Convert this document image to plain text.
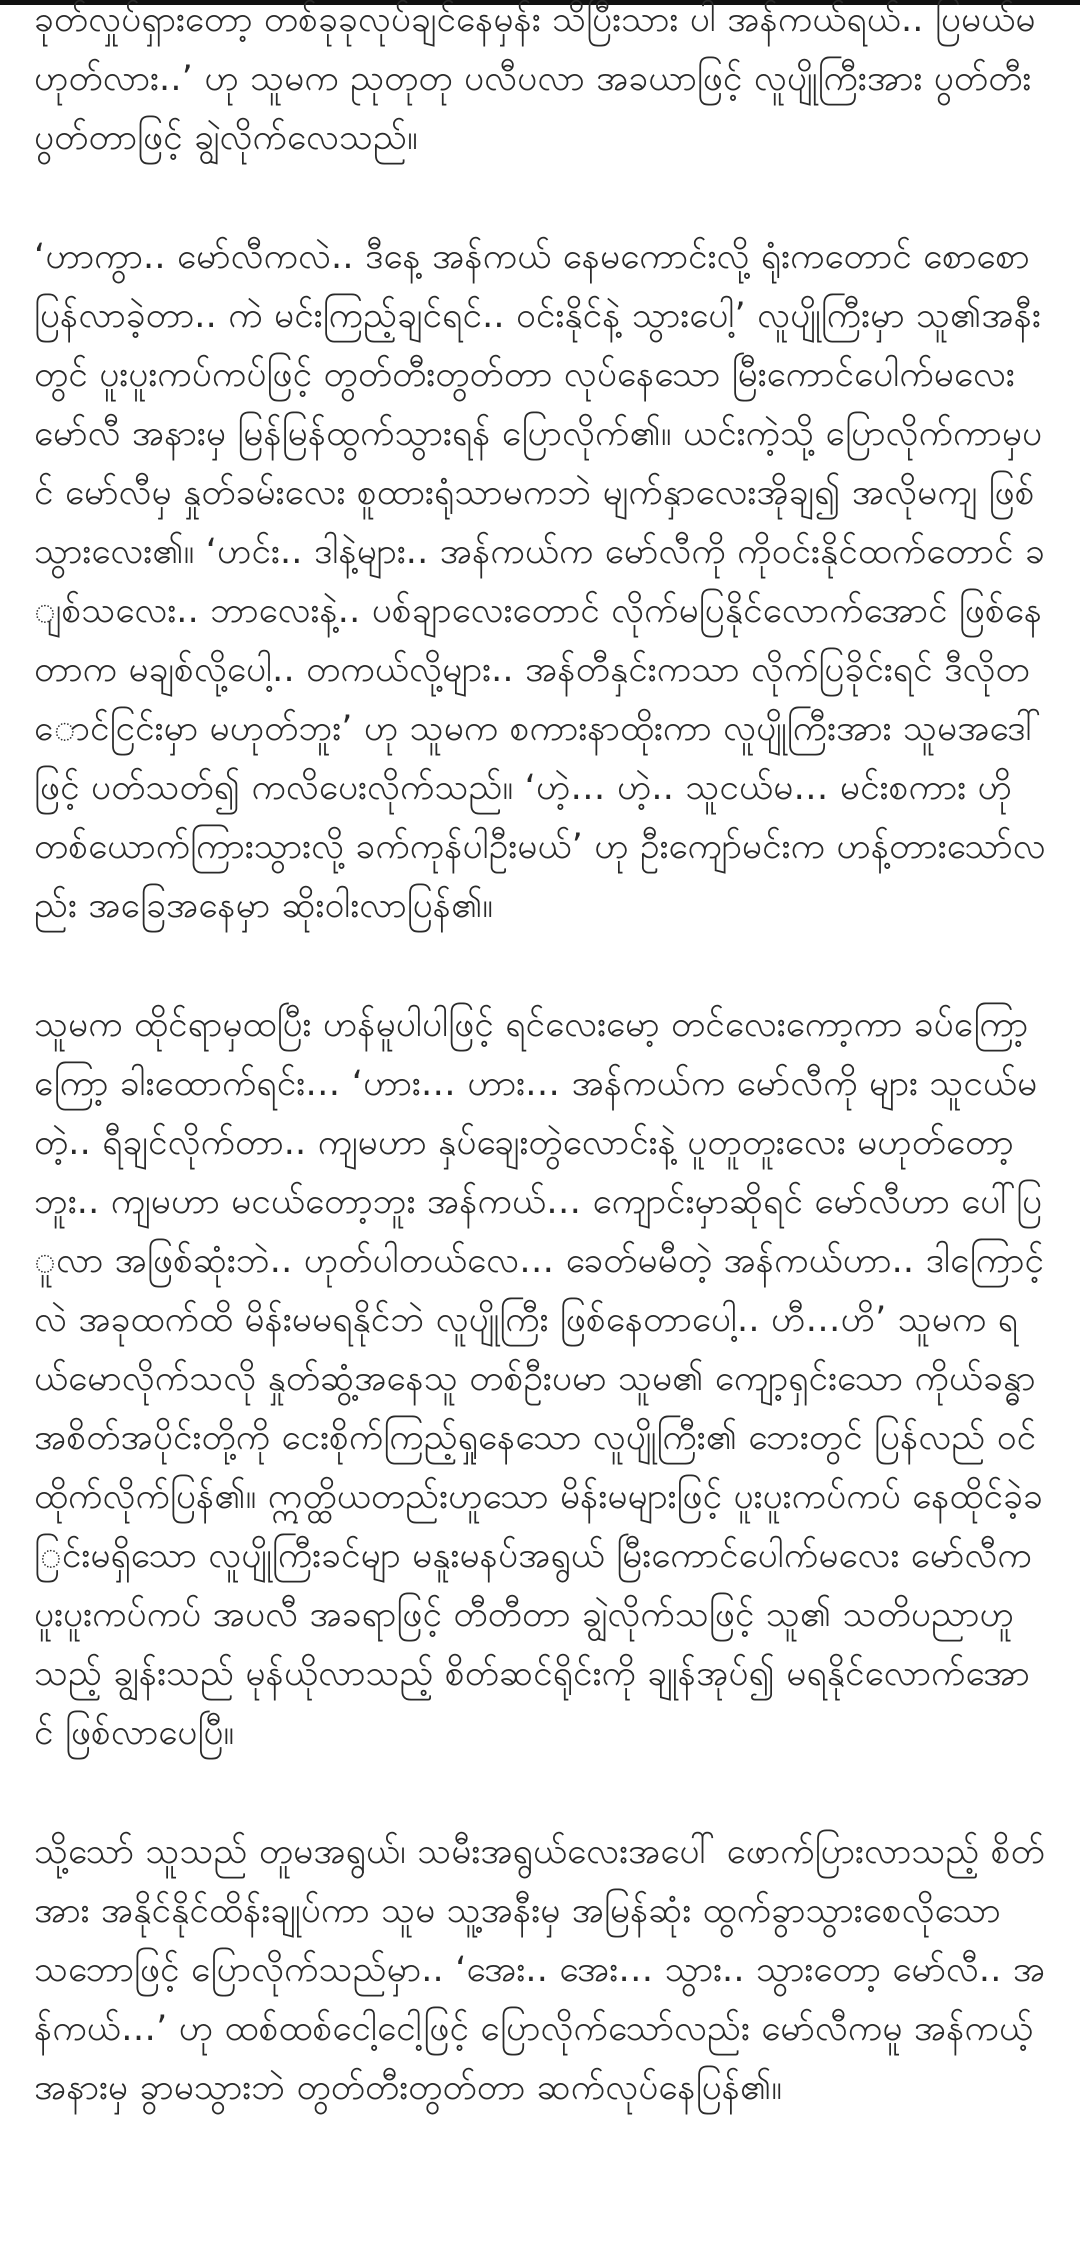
ခုတ်လှုပ်ရှားတော့ တစ်ခုခုလုပ်ချင်နေမှန်း သိပြီးသား ပါ အန်ကယ်ရယ်.. ပြမယ်မဟုတ်လား..’ ဟု သူမက ညုတုတု ပလီပလာ အခယာဖြင့် လူပျိုကြီးအား ပွတ်တီးပွတ်တာဖြင့် ချွဲလိုက်လေသည်။

‘ဟာကွာ.. မော်လီကလဲ.. ဒီနေ့ အန်ကယ် နေမကောင်းလို့ ရုံးကတောင် စောစောပြန်လာခဲ့တာ.. ကဲ မင်းကြည့်ချင်ရင်.. ဝင်းနိုင်နဲ့ သွားပေါ့’ လူပျိုကြီးမှာ သူ၏အနီးတွင် ပူးပူးကပ်ကပ်ဖြင့် တွတ်တီးတွတ်တာ လုပ်နေသော မြီးကောင်ပေါက်မလေး မော်လီ အနားမှ မြန်မြန်ထွက်သွားရန် ပြောလိုက်၏။ ယင်းကဲ့သို့ ပြောလိုက်ကာမှပင် မော်လီမှ နှုတ်ခမ်းလေး စူထားရုံသာမကဘဲ မျက်နှာလေးအိုချ၍ အလိုမကျ ဖြစ်သွားလေး၏။ ‘ဟင်း.. ဒါနဲ့များ.. အန်ကယ်က မော်လီကို ကိုဝင်းနိုင်ထက်တောင် ချစ်သလေး.. ဘာလေးနဲ့.. ပစ်ချာလေးတောင် လိုက်မပြနိုင်လောက်အောင် ဖြစ်နေတာက မချစ်လို့ပေါ့.. တကယ်လို့များ.. အန်တီနှင်းကသာ လိုက်ပြခိုင်းရင် ဒီလိုတောင်ငြင်းမှာ မဟုတ်ဘူး’ ဟု သူမက စကားနာထိုးကာ လူပျိုကြီးအား သူမအဒေါ်ဖြင့် ပတ်သတ်၍ ကလိပေးလိုက်သည်။ ‘ဟဲ့… ဟဲ့.. သူငယ်မ… မင်းစကား ဟိုတစ်ယောက်ကြားသွားလို့ ခက်ကုန်ပါဦးမယ်’ ဟု ဦးကျော်မင်းက ဟန့်တားသော်လည်း အခြေအနေမှာ ဆိုးဝါးလာပြန်၏။

သူမက ထိုင်ရာမှထပြီး ဟန်မူပါပါဖြင့် ရင်လေးမော့ တင်လေးကော့ကာ ခပ်ကြော့ကြော့ ခါးထောက်ရင်း… ‘ဟား… ဟား… အန်ကယ်က မော်လီကို များ သူငယ်မတဲ့.. ရီချင်လိုက်တာ.. ကျမဟာ နှပ်ချေးတွဲလောင်းနဲ့ ပူတူတူးလေး မဟုတ်တော့ဘူး.. ကျမဟာ မငယ်တော့ဘူး အန်ကယ်… ကျောင်းမှာဆိုရင် မော်လီဟာ ပေါ်ပြူလာ အဖြစ်ဆုံးဘဲ.. ဟုတ်ပါတယ်လေ… ခေတ်မမီတဲ့ အန်ကယ်ဟာ.. ဒါကြောင့်လဲ အခုထက်ထိ မိန်းမမရနိုင်ဘဲ လူပျိုကြီး ဖြစ်နေတာပေါ့.. ဟီ…ဟိ’ သူမက ရယ်မောလိုက်သလို နှုတ်ဆွံ့အနေသူ တစ်ဦးပမာ သူမ၏ ကျော့ရှင်းသော ကိုယ်ခန္ဓာ အစိတ်အပိုင်းတို့ကို ငေးစိုက်ကြည့်ရှုနေသော လူပျိုကြီး၏ ဘေးတွင် ပြန်လည် ဝင်ထိုက်လိုက်ပြန်၏။ ဣတ္ထိယတည်းဟူသော မိန်းမများဖြင့် ပူးပူးကပ်ကပ် နေထိုင်ခဲ့ခြင်းမရှိသော လူပျိုကြီးခင်မျာ မနူးမနပ်အရွယ် မြီးကောင်ပေါက်မလေး မော်လီက ပူးပူးကပ်ကပ် အပလီ အခရာဖြင့် တီတီတာ ချွဲလိုက်သဖြင့် သူ၏ သတိပညာဟူသည့် ချွန်းသည် မုန်ယိုလာသည့် စိတ်ဆင်ရိုင်းကို ချုန်အုပ်၍ မရနိုင်လောက်အောင် ဖြစ်လာပေပြီ။

သို့သော် သူသည် တူမအရွယ်၊ သမီးအရွယ်လေးအပေါ် ဖောက်ပြားလာသည့် စိတ်အား အနိုင်နိုင်ထိန်းချုပ်ကာ သူမ သူ့အနီးမှ အမြန်ဆုံး ထွက်ခွာသွားစေလိုသော သဘောဖြင့် ပြောလိုက်သည်မှာ.. ‘အေး.. အေး… သွား.. သွားတော့ မော်လီ.. အန်ကယ်…’ ဟု ထစ်ထစ်ငေါ့ငေါ့ဖြင့် ပြောလိုက်သော်လည်း မော်လီကမူ အန်ကယ့်အနားမှ ခွာမသွားဘဲ တွတ်တီးတွတ်တာ ဆက်လုပ်နေပြန်၏။
